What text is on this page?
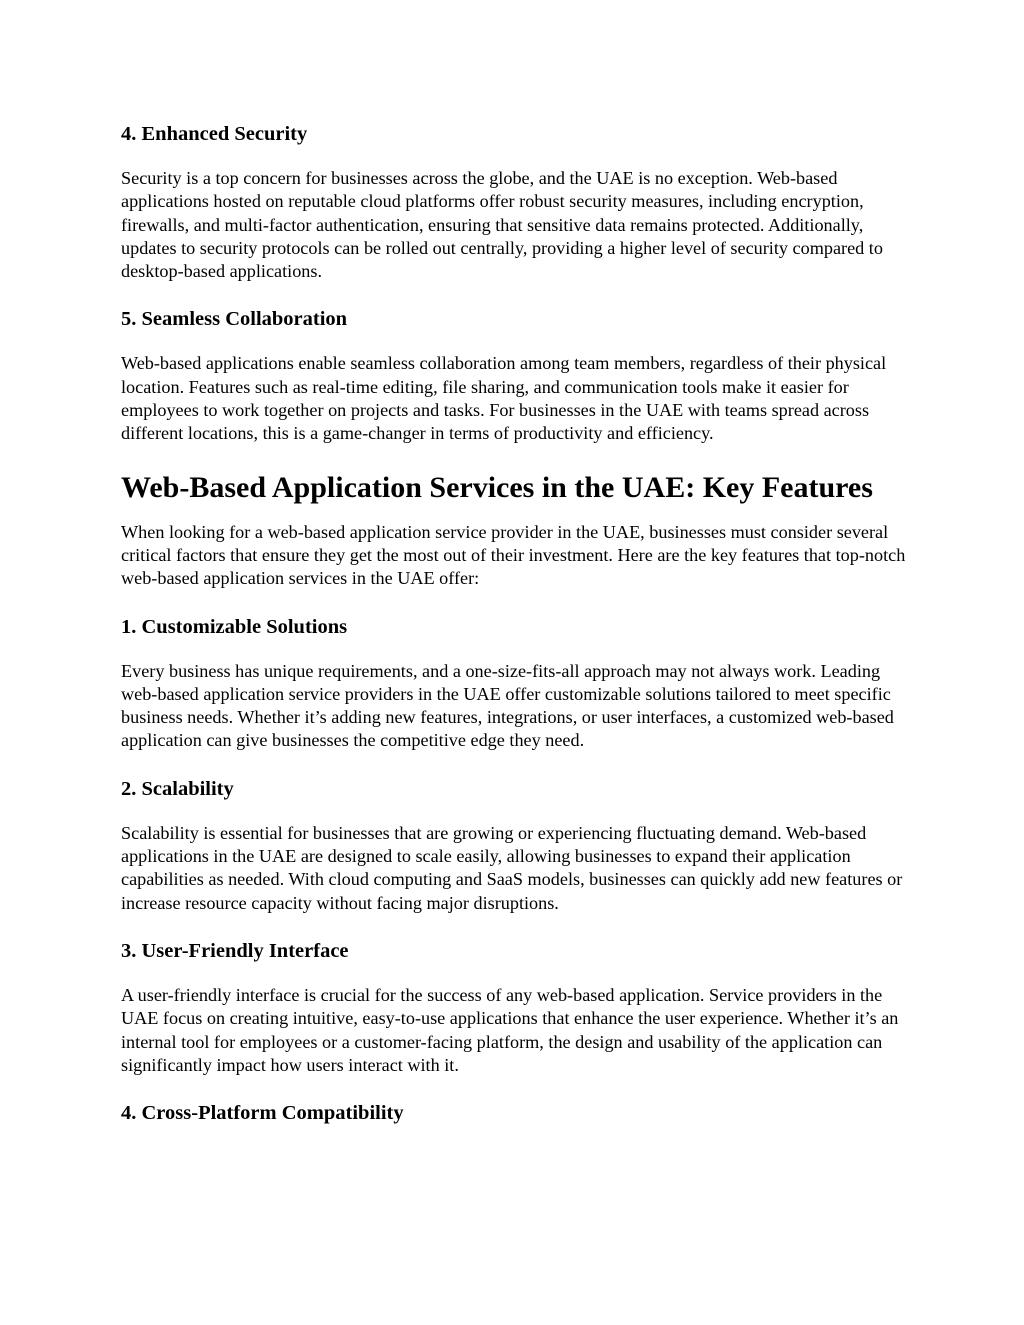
4. Enhanced Security

Security is a top concern for businesses across the globe, and the UAE is no exception. Web-based applications hosted on reputable cloud platforms offer robust security measures, including encryption, firewalls, and multi-factor authentication, ensuring that sensitive data remains protected. Additionally, updates to security protocols can be rolled out centrally, providing a higher level of security compared to desktop-based applications.

5. Seamless Collaboration

Web-based applications enable seamless collaboration among team members, regardless of their physical location. Features such as real-time editing, file sharing, and communication tools make it easier for employees to work together on projects and tasks. For businesses in the UAE with teams spread across different locations, this is a game-changer in terms of productivity and efficiency.

Web-Based Application Services in the UAE: Key Features

When looking for a web-based application service provider in the UAE, businesses must consider several critical factors that ensure they get the most out of their investment. Here are the key features that top-notch web-based application services in the UAE offer:

1. Customizable Solutions

Every business has unique requirements, and a one-size-fits-all approach may not always work. Leading web-based application service providers in the UAE offer customizable solutions tailored to meet specific business needs. Whether it’s adding new features, integrations, or user interfaces, a customized web-based application can give businesses the competitive edge they need.

2. Scalability

Scalability is essential for businesses that are growing or experiencing fluctuating demand. Web-based applications in the UAE are designed to scale easily, allowing businesses to expand their application capabilities as needed. With cloud computing and SaaS models, businesses can quickly add new features or increase resource capacity without facing major disruptions.

3. User-Friendly Interface

A user-friendly interface is crucial for the success of any web-based application. Service providers in the UAE focus on creating intuitive, easy-to-use applications that enhance the user experience. Whether it’s an internal tool for employees or a customer-facing platform, the design and usability of the application can significantly impact how users interact with it.

4. Cross-Platform Compatibility
